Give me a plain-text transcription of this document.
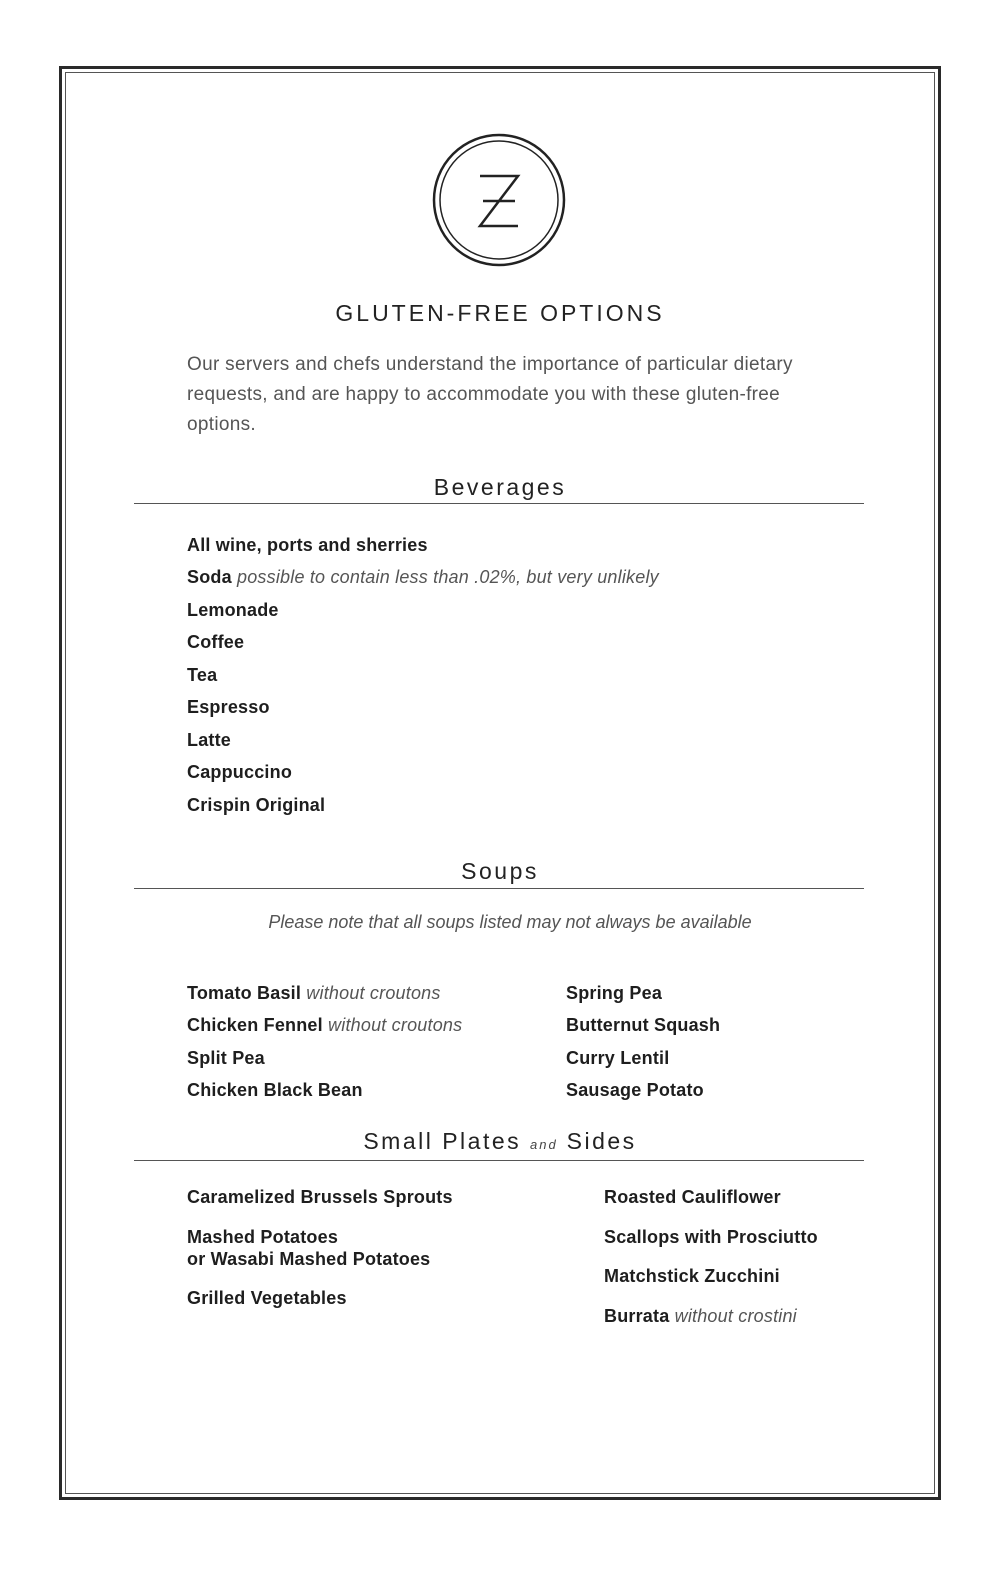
GLUTEN-FREE OPTIONS
Our servers and chefs understand the importance of particular dietary requests, and are happy to accommodate you with these gluten-free options.
Beverages
Soups
Please note that all soups listed may not always be available
Small Plates and Sides
All wine, ports and sherries
Soda possible to contain less than .02%, but very unlikely
Lemonade
Coffee
Tea
Espresso
Latte
Cappuccino
Crispin Original
Tomato Basil without croutons
Chicken Fennel without croutons
Split Pea
Chicken Black Bean
Spring Pea
Butternut Squash
Curry Lentil
Sausage Potato
Caramelized Brussels Sprouts
Mashed Potatoes
or Wasabi Mashed Potatoes
Grilled Vegetables
Roasted Cauliflower
Scallops with Prosciutto
Matchstick Zucchini
Burrata without crostini
